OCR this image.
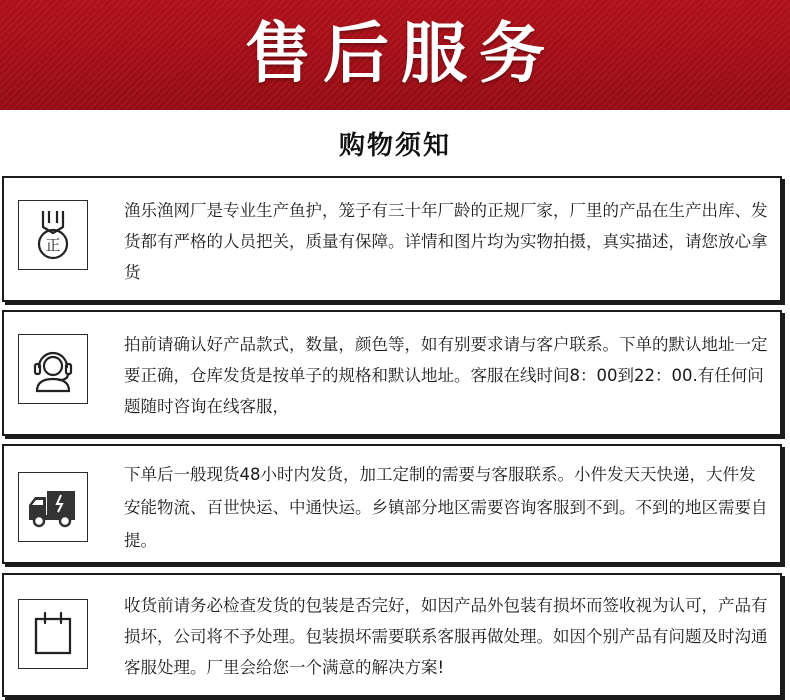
售后服务
购物须知
正
渔乐渔网厂是专业生产鱼护，笼子有三十年厂龄的正规厂家，厂里的产品在生产出库、发货都有严格的人员把关，质量有保障。详情和图片均为实物拍摄，真实描述，请您放心拿货
拍前请确认好产品款式，数量，颜色等，如有别要求请与客户联系。下单的默认地址一定要正确，仓库发货是按单子的规格和默认地址。客服在线时间8：00到22：00.有任何问题随时咨询在线客服，
下单后一般现货48小时内发货，加工定制的需要与客服联系。小件发天天快递，大件发安能物流、百世快运、中通快运。乡镇部分地区需要咨询客服到不到。不到的地区需要自提。
收货前请务必检查发货的包装是否完好，如因产品外包装有损坏而签收视为认可，产品有损坏，公司将不予处理。包装损坏需要联系客服再做处理。如因个别产品有问题及时沟通客服处理。厂里会给您一个满意的解决方案!
